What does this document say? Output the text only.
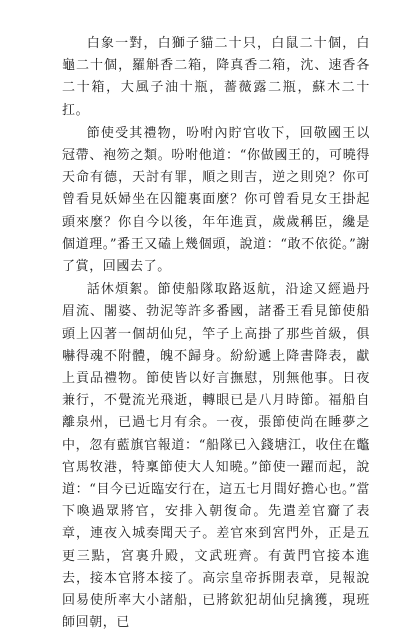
白象一對，白獅子貓二十只，白鼠二十個，白龜二十個，羅斛香二箱，降真香二箱，沈、速香各二十箱，大風子油十瓶，薔薇露二瓶，蘇木二十扛。

節使受其禮物，吩咐內貯官收下，回敬國王以冠帶、袍笏之類。吩咐他道：“你做國王的，可曉得天命有德，天討有罪，順之則吉，逆之則兇？你可曾看見妖婦坐在囚籠裏面麼？你可曾看見女王掛起頭來麼？你自今以後，年年進貢，歲歲稱臣，纔是個道理。”番王又磕上幾個頭，說道：“敢不依從。”謝了賞，回國去了。

話休煩絮。節使船隊取路返航，沿途又經過丹眉流、闍婆、勃泥等許多番國，諸番王看見節使船頭上囚著一個胡仙兒，竿子上高掛了那些首級，俱嚇得魂不附體，魄不歸身。紛紛遞上降書降表，獻上貢品禮物。節使皆以好言撫慰，別無他事。日夜兼行，不覺流光飛逝，轉眼已是八月時節。福船自離泉州，已過七月有余。一夜，張節使尚在睡夢之中，忽有藍旗官報道：“船隊已入錢塘江，收住在鼈官馬牧港，特稟節使大人知曉。”節使一躍而起，說道：“目今已近臨安行在，這五七月間好擔心也。”當下喚過眾將官，安排入朝復命。先遣差官齎了表章，連夜入城奏聞天子。差官來到宮門外，正是五更三點，宮裏升殿，文武班齊。有黃門官接本進去，接本官將本接了。高宗皇帝拆開表章，見報說回易使所率大小諸船，已將欽犯胡仙兒擒獲，現班師回朝，已
